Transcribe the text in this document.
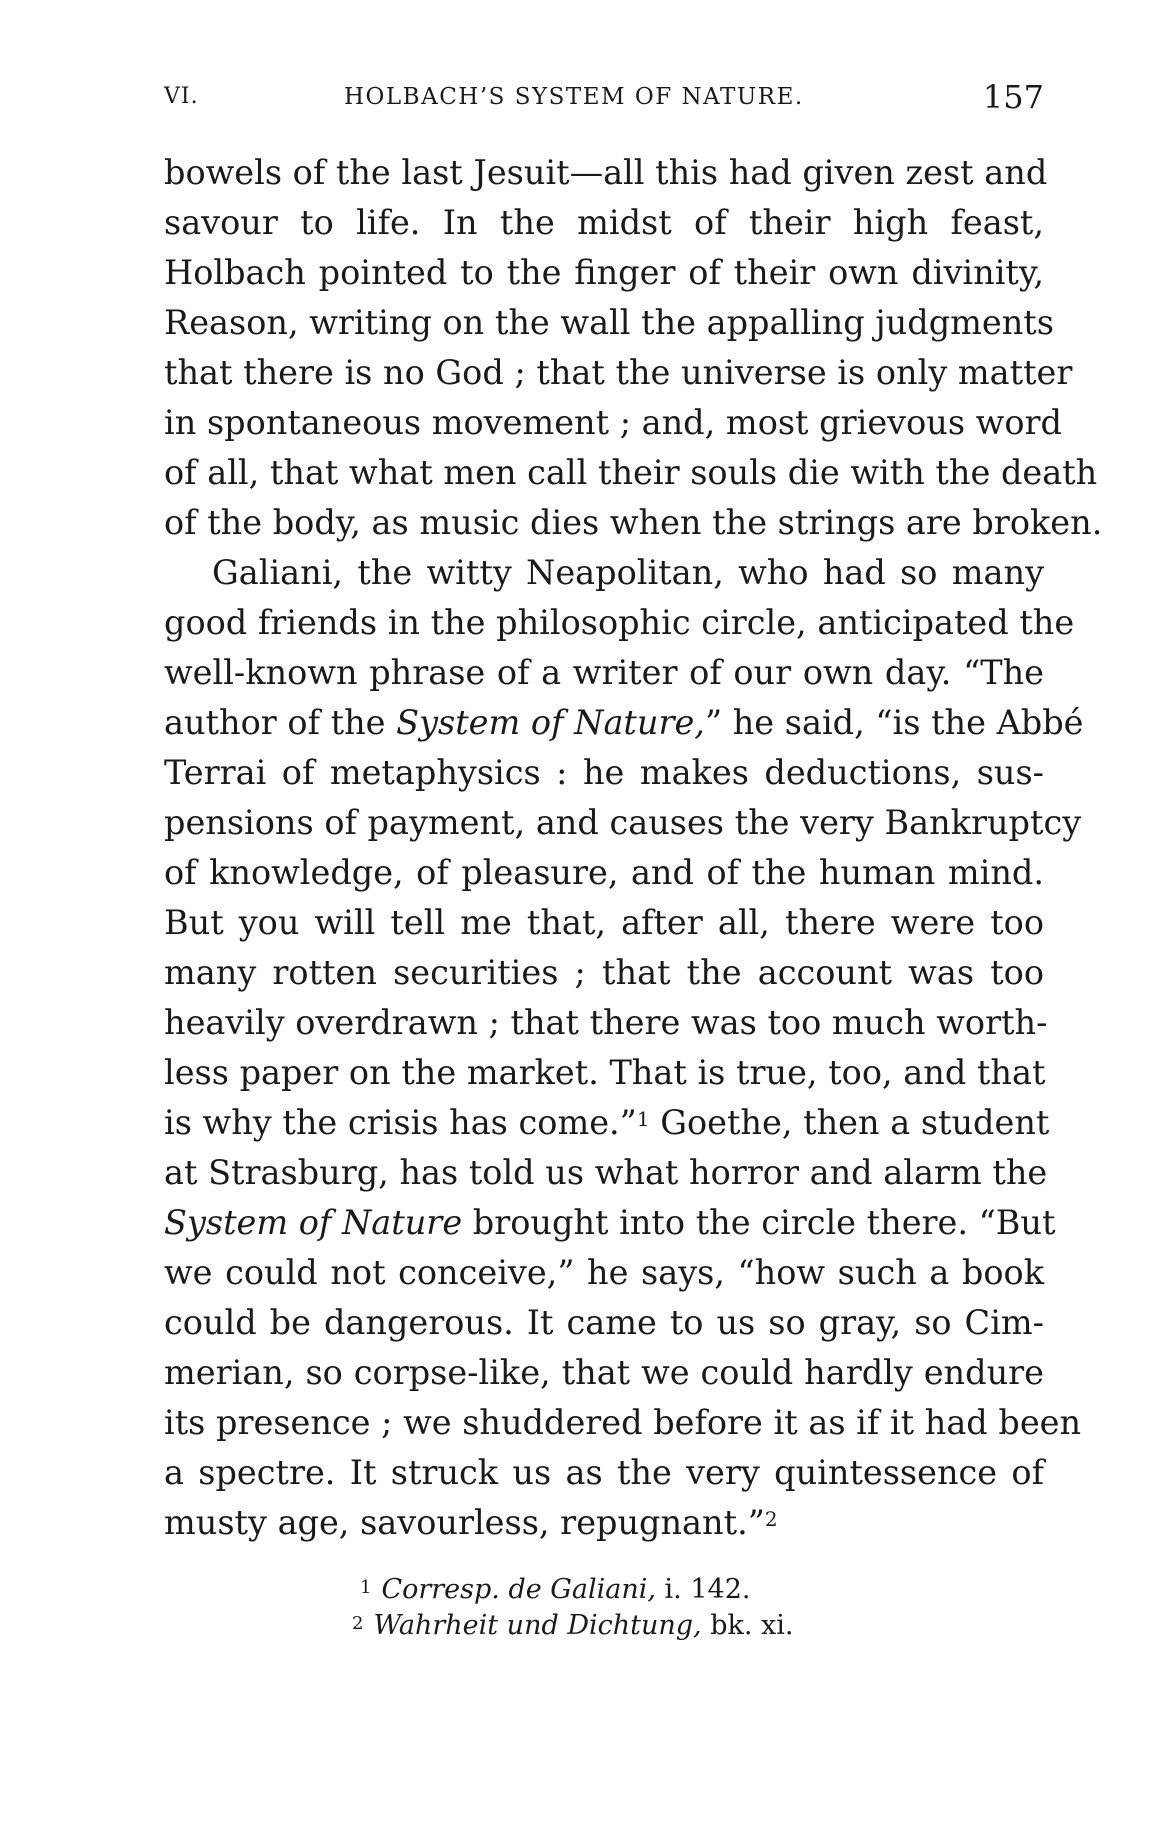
VI.	HOLBACH’S SYSTEM OF NATURE.	157
bowels of the last Jesuit—all this had given zest and
savour to life. In the midst of their high feast,
Holbach pointed to the finger of their own divinity,
Reason, writing on the wall the appalling judgments
that there is no God ; that the universe is only matter
in spontaneous movement ; and, most grievous word
of all, that what men call their souls die with the death
of the body, as music dies when the strings are broken.
Galiani, the witty Neapolitan, who had so many
good friends in the philosophic circle, anticipated the
well-known phrase of a writer of our own day. “The
author of the System of Nature,” he said, “is the Abbé
Terrai of metaphysics : he makes deductions, sus-
pensions of payment, and causes the very Bankruptcy
of knowledge, of pleasure, and of the human mind.
But you will tell me that, after all, there were too
many rotten securities ; that the account was too
heavily overdrawn ; that there was too much worth-
less paper on the market. That is true, too, and that
is why the crisis has come.”$^1$ Goethe, then a student
at Strasburg, has told us what horror and alarm the
System of Nature brought into the circle there. “But
we could not conceive,” he says, “how such a book
could be dangerous. It came to us so gray, so Cim-
merian, so corpse-like, that we could hardly endure
its presence ; we shuddered before it as if it had been
a spectre. It struck us as the very quintessence of
musty age, savourless, repugnant.”$^2$
$^1$ Corresp. de Galiani, i. 142.
$^2$ Wahrheit und Dichtung, bk. xi.
